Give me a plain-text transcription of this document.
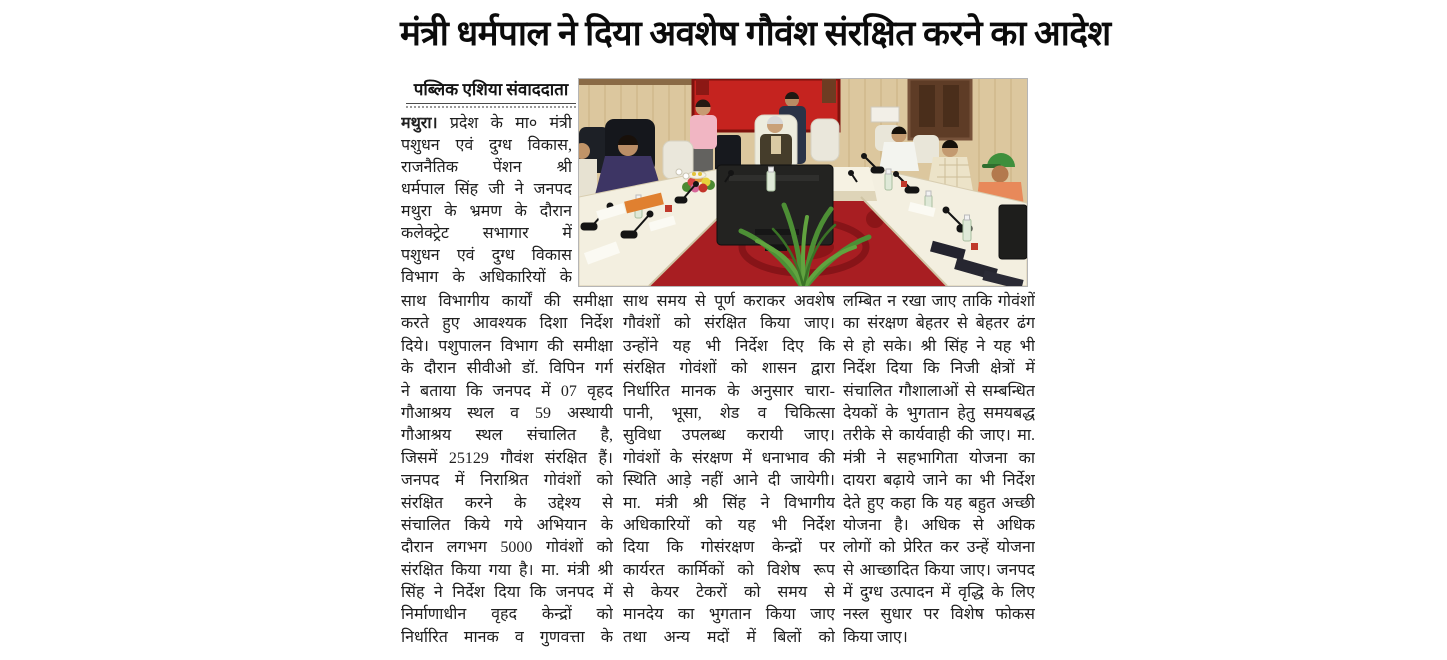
मंत्री धर्मपाल ने दिया अवशेष गौवंश संरक्षित करने का आदेश
पब्लिक एशिया संवाददाता
मथुरा। प्रदेश के मा० मंत्री
पशुधन एवं दुग्ध विकास,
राजनैतिक पेंशन श्री
धर्मपाल सिंह जी ने जनपद
मथुरा के भ्रमण के दौरान
कलेक्ट्रेट सभागार में
पशुधन एवं दुग्ध विकास
विभाग के अधिकारियों के
साथ विभागीय कार्यों की समीक्षा
करते हुए आवश्यक दिशा निर्देश
दिये। पशुपालन विभाग की समीक्षा
के दौरान सीवीओ डॉ. विपिन गर्ग
ने बताया कि जनपद में 07 वृहद
गौआश्रय स्थल व 59 अस्थायी
गौआश्रय स्थल संचालित है,
जिसमें 25129 गौवंश संरक्षित हैं।
जनपद में निराश्रित गोवंशों को
संरक्षित करने के उद्देश्य से
संचालित किये गये अभियान के
दौरान लगभग 5000 गोवंशों को
संरक्षित किया गया है। मा. मंत्री श्री
सिंह ने निर्देश दिया कि जनपद में
निर्माणाधीन वृहद केन्द्रों को
निर्धारित मानक व गुणवत्ता के
साथ समय से पूर्ण कराकर अवशेष
गौवंशों को संरक्षित किया जाए।
उन्होंने यह भी निर्देश दिए कि
संरक्षित गोवंशों को शासन द्वारा
निर्धारित मानक के अनुसार चारा-
पानी, भूसा, शेड व चिकित्सा
सुविधा उपलब्ध करायी जाए।
गोवंशों के संरक्षण में धनाभाव की
स्थिति आड़े नहीं आने दी जायेगी।
मा. मंत्री श्री सिंह ने विभागीय
अधिकारियों को यह भी निर्देश
दिया कि गोसंरक्षण केन्द्रों पर
कार्यरत कार्मिकों को विशेष रूप
से केयर टेकरों को समय से
मानदेय का भुगतान किया जाए
तथा अन्य मदों में बिलों को
लम्बित न रखा जाए ताकि गोवंशों
का संरक्षण बेहतर से बेहतर ढंग
से हो सके। श्री सिंह ने यह भी
निर्देश दिया कि निजी क्षेत्रों में
संचालित गौशालाओं से सम्बन्धित
देयकों के भुगतान हेतु समयबद्ध
तरीके से कार्यवाही की जाए। मा.
मंत्री ने सहभागिता योजना का
दायरा बढ़ाये जाने का भी निर्देश
देते हुए कहा कि यह बहुत अच्छी
योजना है। अधिक से अधिक
लोगों को प्रेरित कर उन्हें योजना
से आच्छादित किया जाए। जनपद
में दुग्ध उत्पादन में वृद्धि के लिए
नस्ल सुधार पर विशेष फोकस
किया जाए।
